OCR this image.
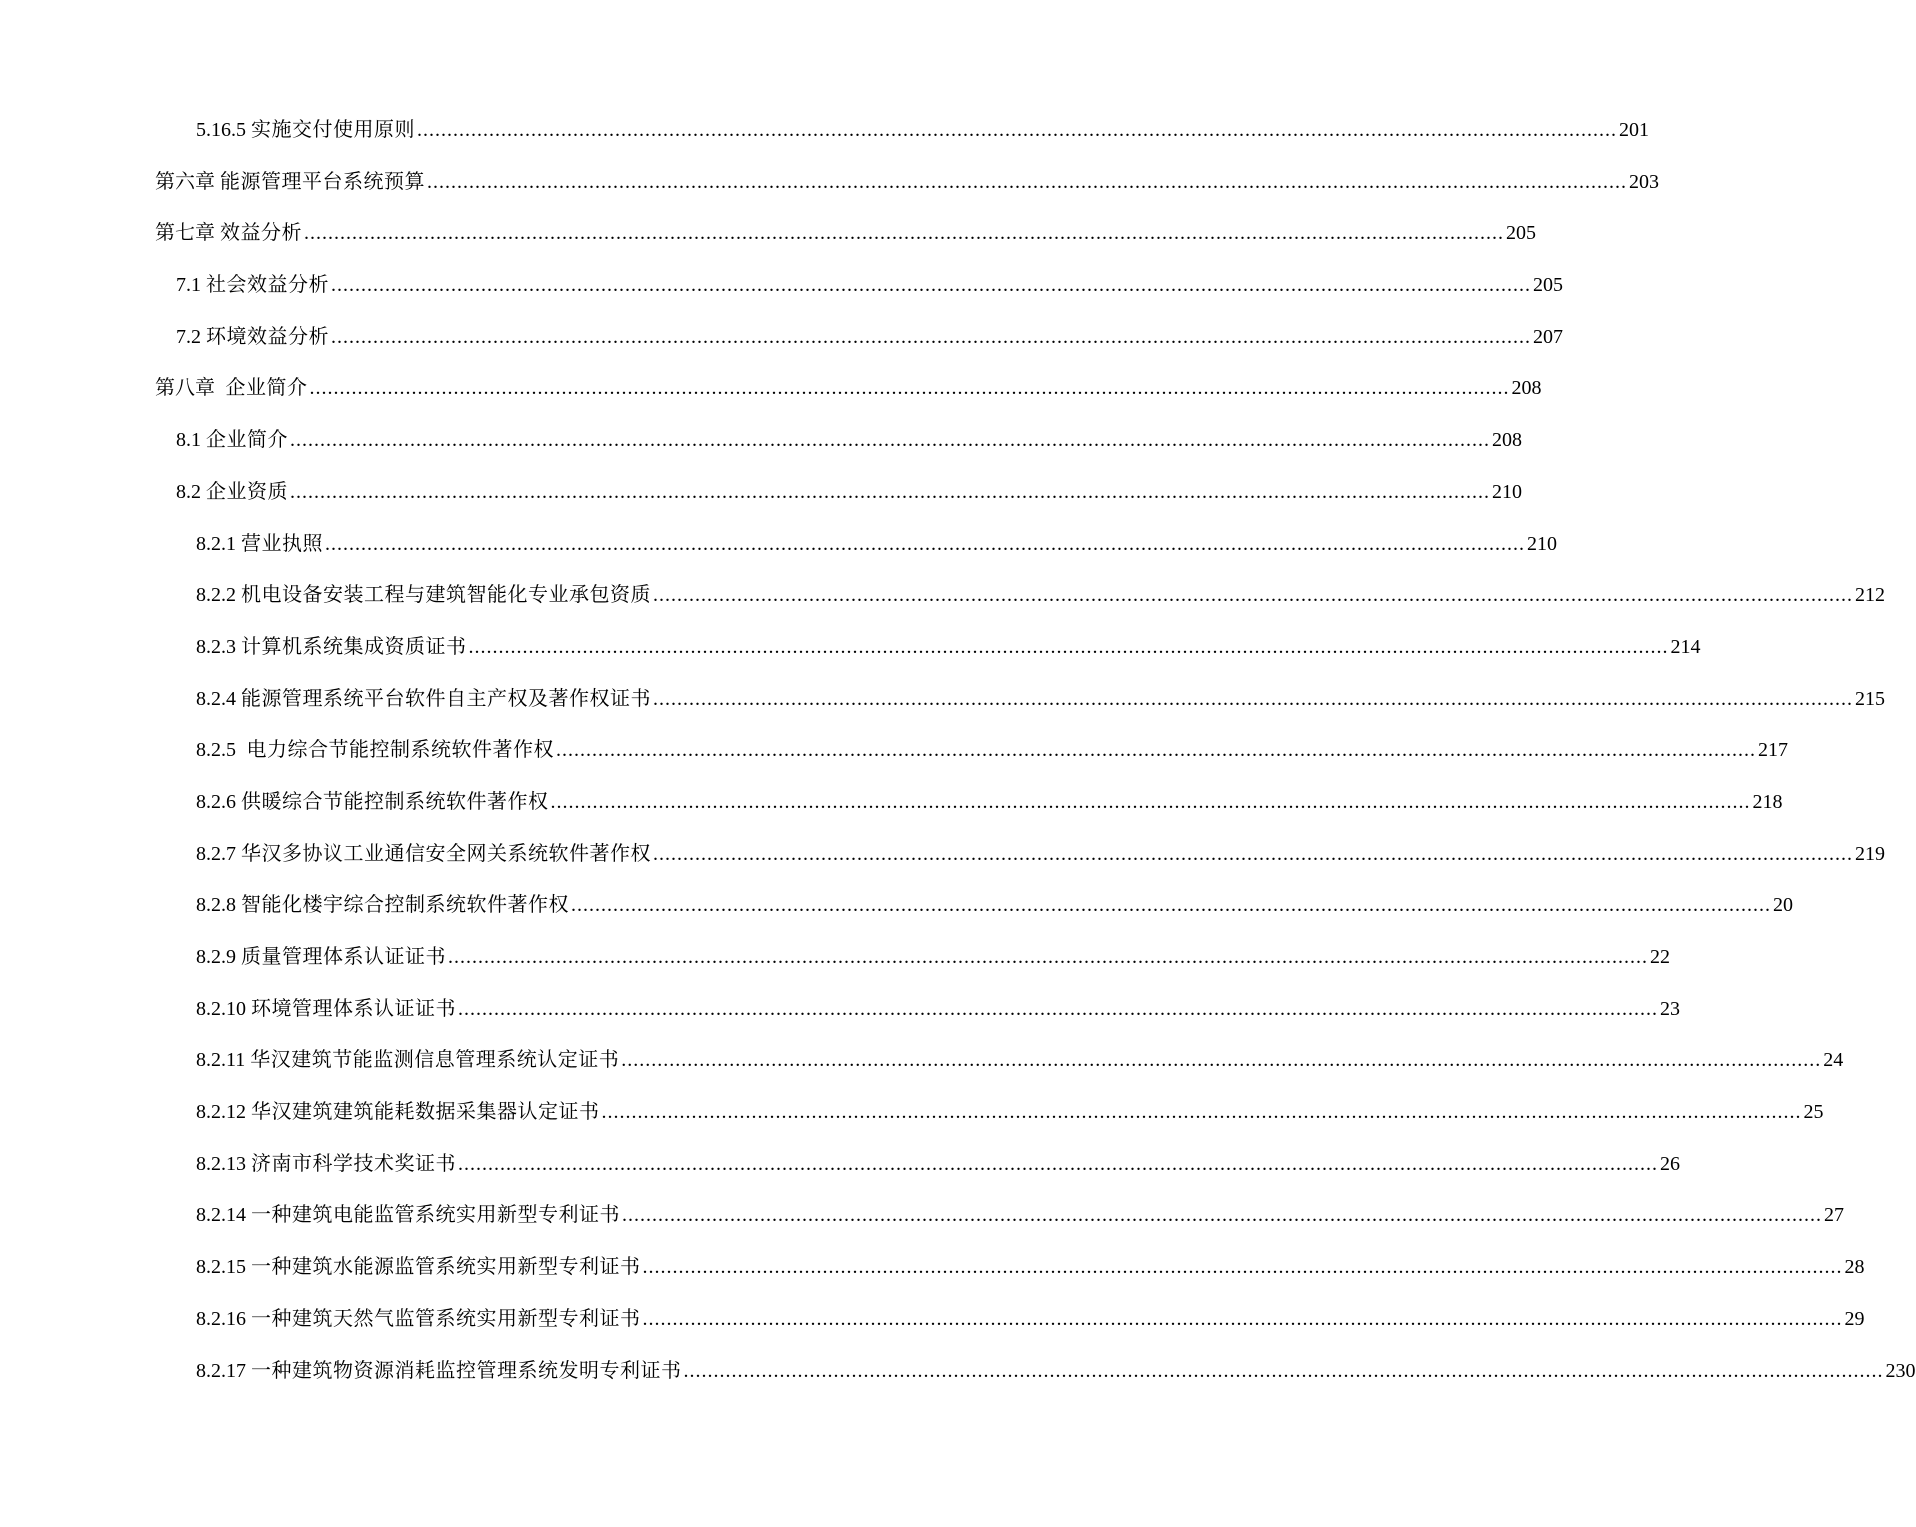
5.16.5
实施交付使用原则 ........................................................................................................................................................................................................ 201
第六章
能源管理平台系统预算 ........................................................................................................................................................................................................ 203
第七章
效益分析 ........................................................................................................................................................................................................ 205
7.1
社会效益分析 ........................................................................................................................................................................................................ 205
7.2
环境效益分析 ........................................................................................................................................................................................................ 207
第八章
企业简介 ........................................................................................................................................................................................................ 208
8.1
企业简介 ........................................................................................................................................................................................................ 208
8.2
企业资质 ........................................................................................................................................................................................................ 210
8.2.1
营业执照 ........................................................................................................................................................................................................ 210
8.2.2
机电设备安装工程与建筑智能化专业承包资质 ........................................................................................................................................................................................................ 212
8.2.3
计算机系统集成资质证书 ........................................................................................................................................................................................................ 214
8.2.4
能源管理系统平台软件自主产权及著作权证书 ........................................................................................................................................................................................................ 215
8.2.5
电力综合节能控制系统软件著作权 ........................................................................................................................................................................................................ 217
8.2.6
供暖综合节能控制系统软件著作权 ........................................................................................................................................................................................................ 218
8.2.7
华汉多协议工业通信安全网关系统软件著作权 ........................................................................................................................................................................................................ 219
8.2.8
智能化楼宇综合控制系统软件著作权 ........................................................................................................................................................................................................ 20
8.2.9
质量管理体系认证证书 ........................................................................................................................................................................................................ 22
8.2.10
环境管理体系认证证书 ........................................................................................................................................................................................................ 23
8.2.11
华汉建筑节能监测信息管理系统认定证书 ........................................................................................................................................................................................................ 24
8.2.12
华汉建筑建筑能耗数据采集器认定证书 ........................................................................................................................................................................................................ 25
8.2.13
济南市科学技术奖证书 ........................................................................................................................................................................................................ 26
8.2.14
一种建筑电能监管系统实用新型专利证书 ........................................................................................................................................................................................................ 27
8.2.15
一种建筑水能源监管系统实用新型专利证书 ........................................................................................................................................................................................................ 28
8.2.16
一种建筑天然气监管系统实用新型专利证书 ........................................................................................................................................................................................................ 29
8.2.17
一种建筑物资源消耗监控管理系统发明专利证书 ........................................................................................................................................................................................................ 230
